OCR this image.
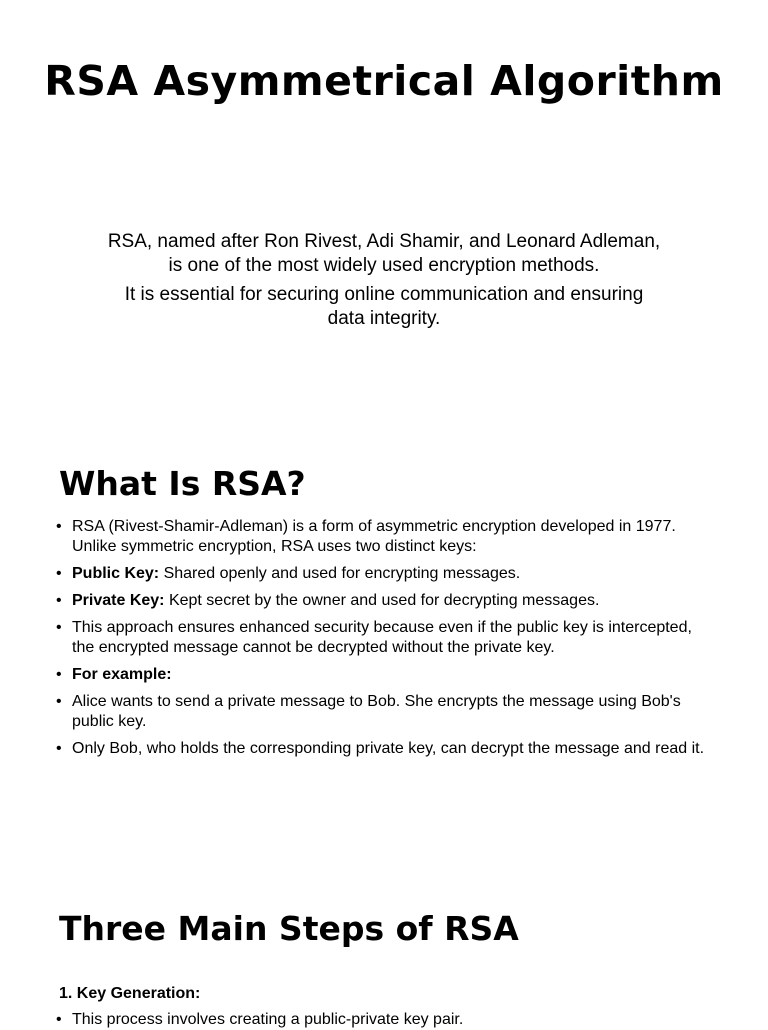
RSA Asymmetrical Algorithm

RSA, named after Ron Rivest, Adi Shamir, and Leonard Adleman, is one of the most widely used encryption methods.

It is essential for securing online communication and ensuring data integrity.

What Is RSA?
• RSA (Rivest-Shamir-Adleman) is a form of asymmetric encryption developed in 1977. Unlike symmetric encryption, RSA uses two distinct keys:
• Public Key: Shared openly and used for encrypting messages.
• Private Key: Kept secret by the owner and used for decrypting messages.
• This approach ensures enhanced security because even if the public key is intercepted, the encrypted message cannot be decrypted without the private key.
• For example:
• Alice wants to send a private message to Bob. She encrypts the message using Bob's public key.
• Only Bob, who holds the corresponding private key, can decrypt the message and read it.
Three Main Steps of RSA
1. Key Generation:
• This process involves creating a public-private key pair.
